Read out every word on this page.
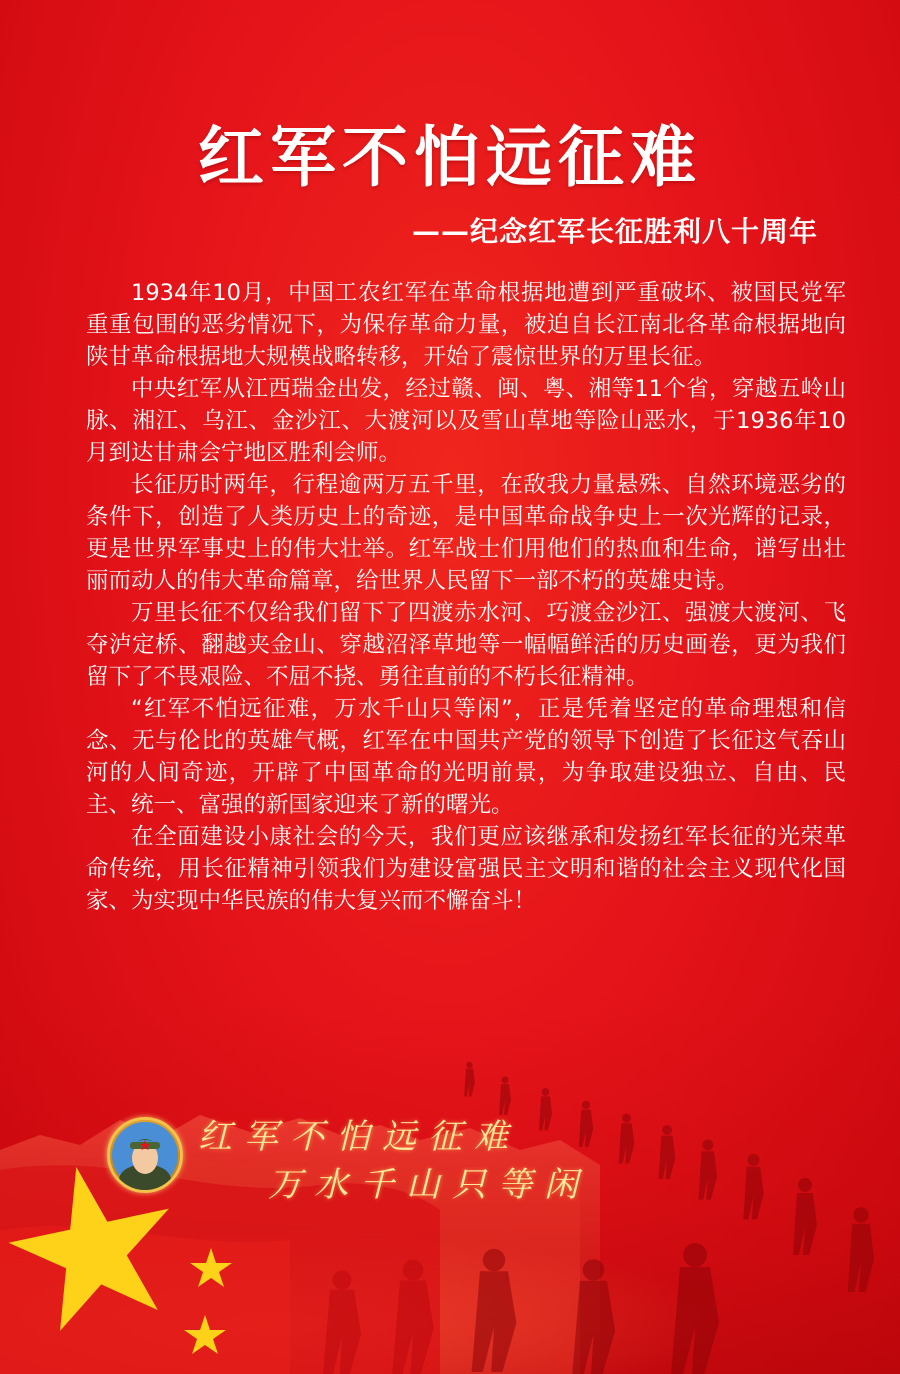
红军不怕远征难
——纪念红军长征胜利八十周年

1934年10月，中国工农红军在革命根据地遭到严重破坏、被国民党军重重包围的恶劣情况下，为保存革命力量，被迫自长江南北各革命根据地向陕甘革命根据地大规模战略转移，开始了震惊世界的万里长征。

中央红军从江西瑞金出发，经过赣、闽、粤、湘等11个省，穿越五岭山脉、湘江、乌江、金沙江、大渡河以及雪山草地等险山恶水，于1936年10月到达甘肃会宁地区胜利会师。

长征历时两年，行程逾两万五千里，在敌我力量悬殊、自然环境恶劣的条件下，创造了人类历史上的奇迹，是中国革命战争史上一次光辉的记录，更是世界军事史上的伟大壮举。红军战士们用他们的热血和生命，谱写出壮丽而动人的伟大革命篇章，给世界人民留下一部不朽的英雄史诗。

万里长征不仅给我们留下了四渡赤水河、巧渡金沙江、强渡大渡河、飞夺泸定桥、翻越夹金山、穿越沼泽草地等一幅幅鲜活的历史画卷，更为我们留下了不畏艰险、不屈不挠、勇往直前的不朽长征精神。

“红军不怕远征难，万水千山只等闲”，正是凭着坚定的革命理想和信念、无与伦比的英雄气概，红军在中国共产党的领导下创造了长征这气吞山河的人间奇迹，开辟了中国革命的光明前景，为争取建设独立、自由、民主、统一、富强的新国家迎来了新的曙光。

在全面建设小康社会的今天，我们更应该继承和发扬红军长征的光荣革命传统，用长征精神引领我们为建设富强民主文明和谐的社会主义现代化国家、为实现中华民族的伟大复兴而不懈奋斗！

红军不怕远征难
万水千山只等闲
